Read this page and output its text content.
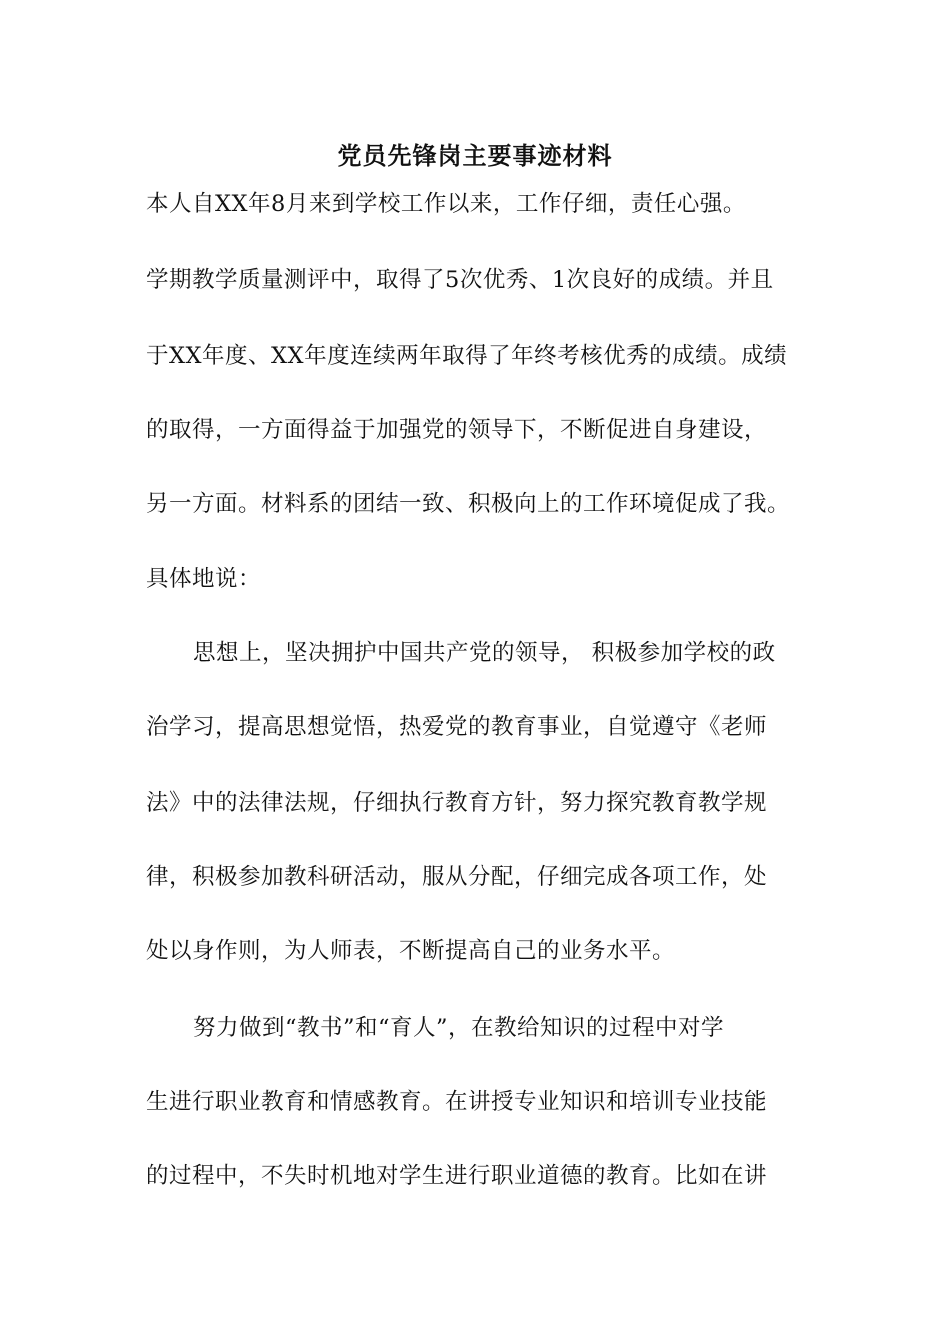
党员先锋岗主要事迹材料
本人自XX年8月来到学校工作以来，工作仔细，责任心强。
学期教学质量测评中，取得了5次优秀、1次良好的成绩。并且
于XX年度、XX年度连续两年取得了年终考核优秀的成绩。成绩
的取得，一方面得益于加强党的领导下，不断促进自身建设，
另一方面。材料系的团结一致、积极向上的工作环境促成了我。
具体地说：
思想上，坚决拥护中国共产党的领导， 积极参加学校的政
治学习，提高思想觉悟，热爱党的教育事业，自觉遵守《老师
法》中的法律法规，仔细执行教育方针，努力探究教育教学规
律，积极参加教科研活动，服从分配，仔细完成各项工作，处
处以身作则，为人师表，不断提高自己的业务水平。
努力做到“教书”和“育人”，在教给知识的过程中对学
生进行职业教育和情感教育。在讲授专业知识和培训专业技能
的过程中，不失时机地对学生进行职业道德的教育。比如在讲
